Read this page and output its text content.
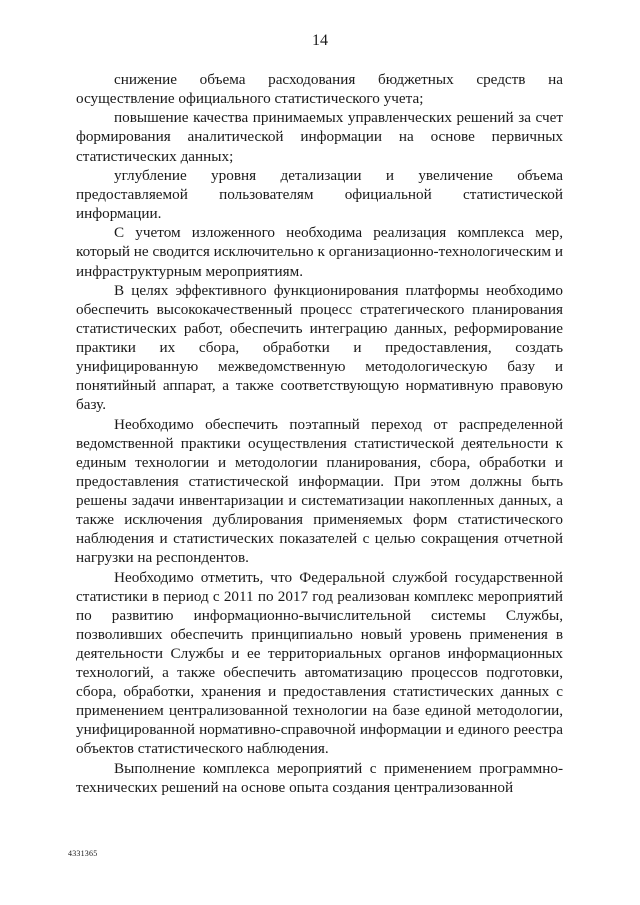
14

снижение объема расходования бюджетных средств на осуществление официального статистического учета;

повышение качества принимаемых управленческих решений за счет формирования аналитической информации на основе первичных статистических данных;

углубление уровня детализации и увеличение объема предоставляемой пользователям официальной статистической информации.

С учетом изложенного необходима реализация комплекса мер, который не сводится исключительно к организационно-технологическим и инфраструктурным мероприятиям.

В целях эффективного функционирования платформы необходимо обеспечить высококачественный процесс стратегического планирования статистических работ, обеспечить интеграцию данных, реформирование практики их сбора, обработки и предоставления, создать унифицированную межведомственную методологическую базу и понятийный аппарат, а также соответствующую нормативную правовую базу.

Необходимо обеспечить поэтапный переход от распределенной ведомственной практики осуществления статистической деятельности к единым технологии и методологии планирования, сбора, обработки и предоставления статистической информации. При этом должны быть решены задачи инвентаризации и систематизации накопленных данных, а также исключения дублирования применяемых форм статистического наблюдения и статистических показателей с целью сокращения отчетной нагрузки на респондентов.

Необходимо отметить, что Федеральной службой государственной статистики в период с 2011 по 2017 год реализован комплекс мероприятий по развитию информационно-вычислительной системы Службы, позволивших обеспечить принципиально новый уровень применения в деятельности Службы и ее территориальных органов информационных технологий, а также обеспечить автоматизацию процессов подготовки, сбора, обработки, хранения и предоставления статистических данных с применением централизованной технологии на базе единой методологии, унифицированной нормативно-справочной информации и единого реестра объектов статистического наблюдения.

Выполнение комплекса мероприятий с применением программно-технических решений на основе опыта создания централизованной

4331365
